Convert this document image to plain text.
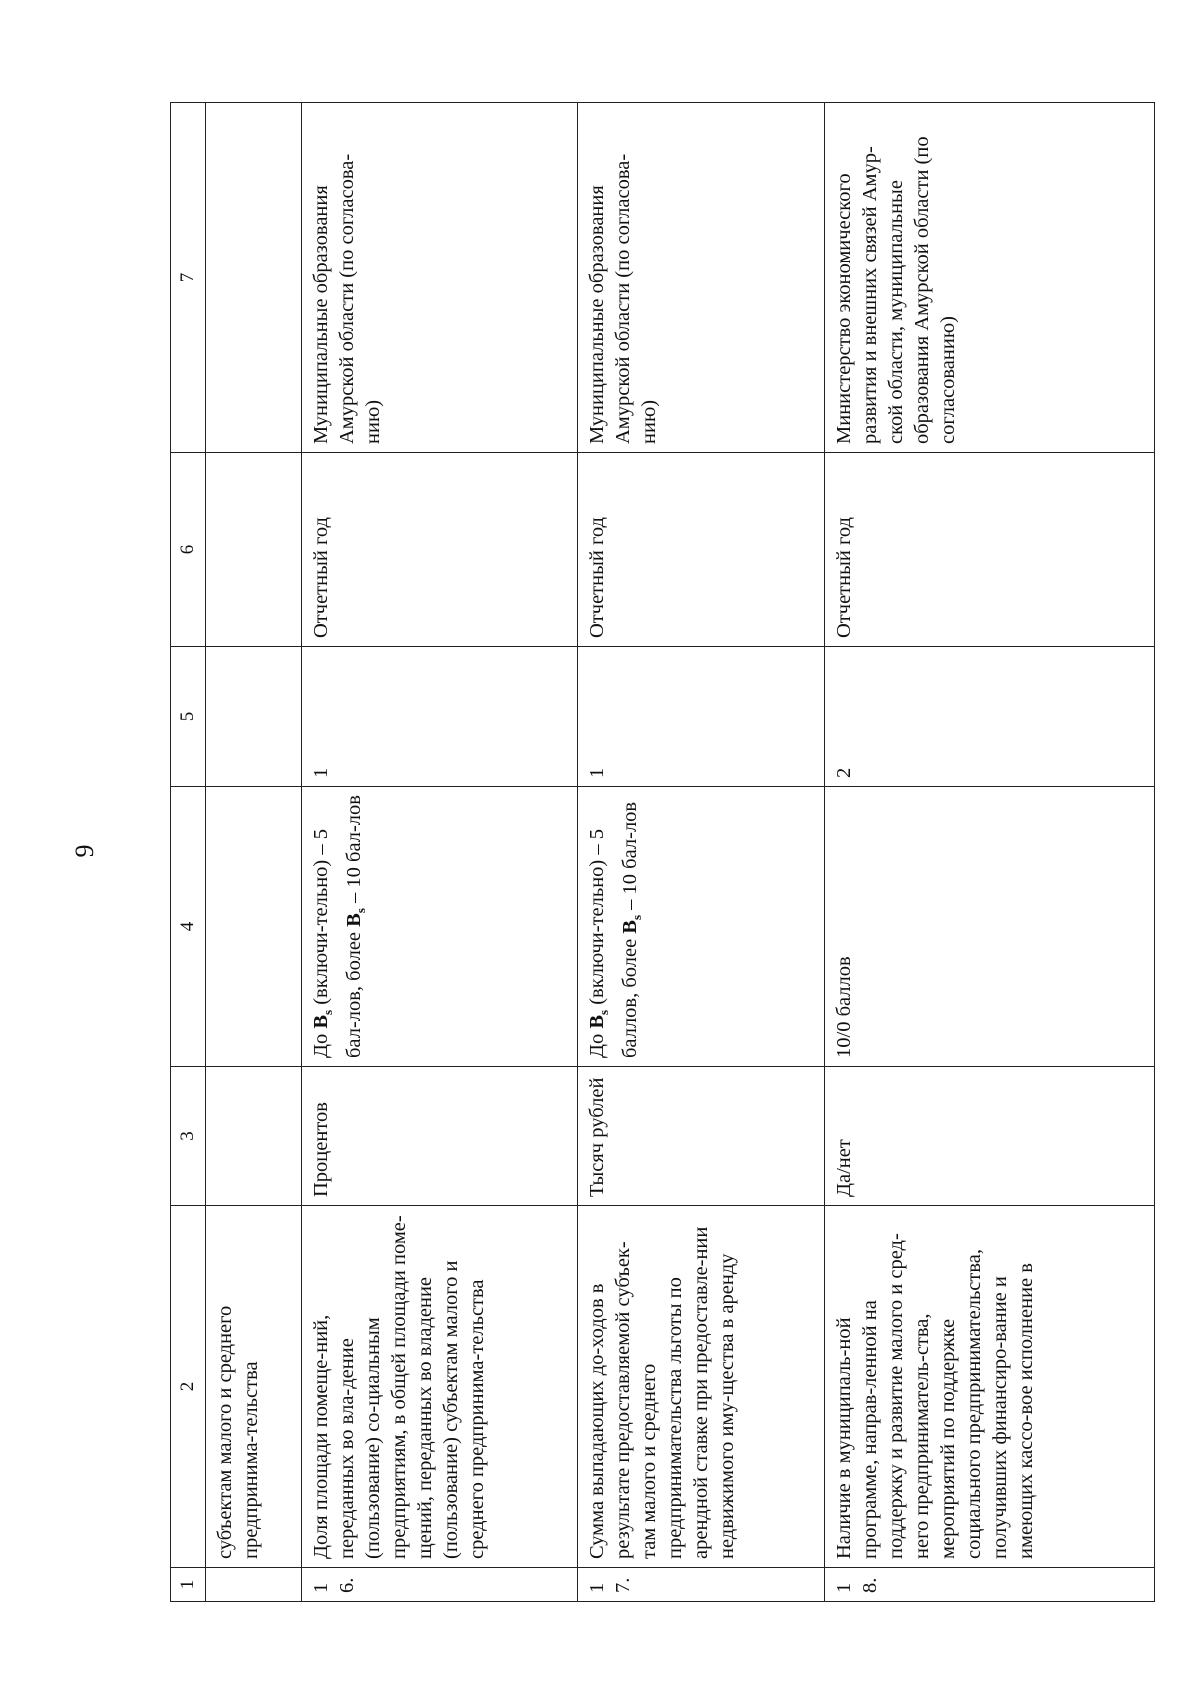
9
1	2	3	4	5	6	7
	субъектам малого и среднего предпринима-тельства					
16.	Доля площади помеще-ний, переданных во вла-дение (пользование) со-циальным предприятиям, в общей площади поме-щений, переданных во владение (пользование) субъектам малого и среднего предпринима-тельства	Процентов	До $B_s$ (включи-тельно) – 5 бал-лов, более $B_s - 10$ бал-лов	1	Отчетный год	Муниципальные образования Амурской области (по согласова-нию)
17.	Сумма выпадающих до-ходов в результате предоставляемой субъек-там малого и среднего предпринимательства льготы по арендной ставке при предоставле-нии недвижимого иму-щества в аренду	Тысяч рублей	До $B_s$ (включи-тельно) – 5 баллов, более $B_s - 10$ бал-лов	1	Отчетный год	Муниципальные образования Амурской области (по согласова-нию)
18.	Наличие в муниципаль-ной программе, направ-ленной на поддержку и развитие малого и сред-него предприниматель-ства, мероприятий по поддержке социального предпринимательства, получивших финансиро-вание и имеющих кассо-вое исполнение в	Да/нет	10/0 баллов	2	Отчетный год	Министерство экономического развития и внешних связей Амур-ской области, муниципальные образования Амурской области (по согласованию)
